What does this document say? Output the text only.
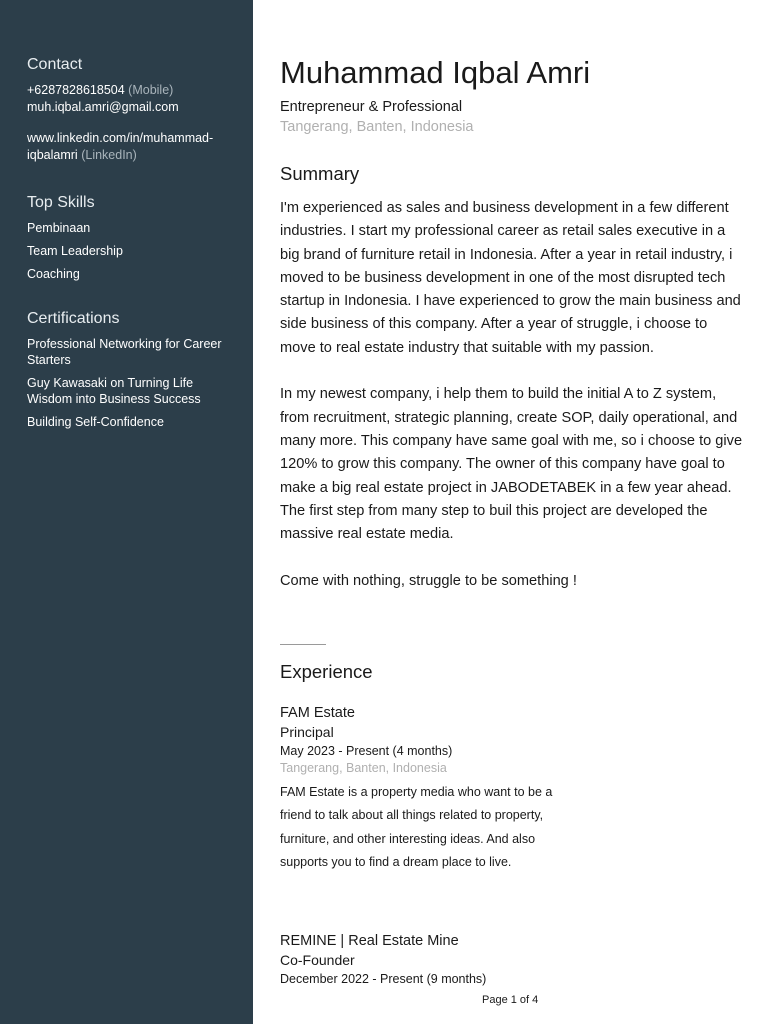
Contact
+6287828618504 (Mobile)
muh.iqbal.amri@gmail.com
www.linkedin.com/in/muhammad-
iqbalamri (LinkedIn)
Top Skills
Pembinaan
Team Leadership
Coaching
Certifications
Professional Networking for Career Starters
Guy Kawasaki on Turning Life Wisdom into Business Success
Building Self-Confidence
Muhammad Iqbal Amri
Entrepreneur & Professional
Tangerang, Banten, Indonesia
Summary

I'm experienced as sales and business development in a few different industries. I start my professional career as retail sales executive in a big brand of furniture retail in Indonesia. After a year in retail industry, i moved to be business development in one of the most disrupted tech startup in Indonesia. I have experienced to grow the main business and side business of this company. After a year of struggle, i choose to move to real estate industry that suitable with my passion.

In my newest company, i help them to build the initial A to Z system, from recruitment, strategic planning, create SOP, daily operational, and many more. This company have same goal with me, so i choose to give 120% to grow this company. The owner of this company have goal to make a big real estate project in JABODETABEK in a few year ahead. The first step from many step to buil this project are developed the massive real estate media.

Come with nothing, struggle to be something !

Experience
FAM Estate
Principal
May 2023 - Present (4 months)
Tangerang, Banten, Indonesia
FAM Estate is a property media who want to be a friend to talk about all things related to property, furniture, and other interesting ideas. And also supports you to find a dream place to live.
REMINE | Real Estate Mine
Co-Founder
December 2022 - Present (9 months)
Page 1 of 4
